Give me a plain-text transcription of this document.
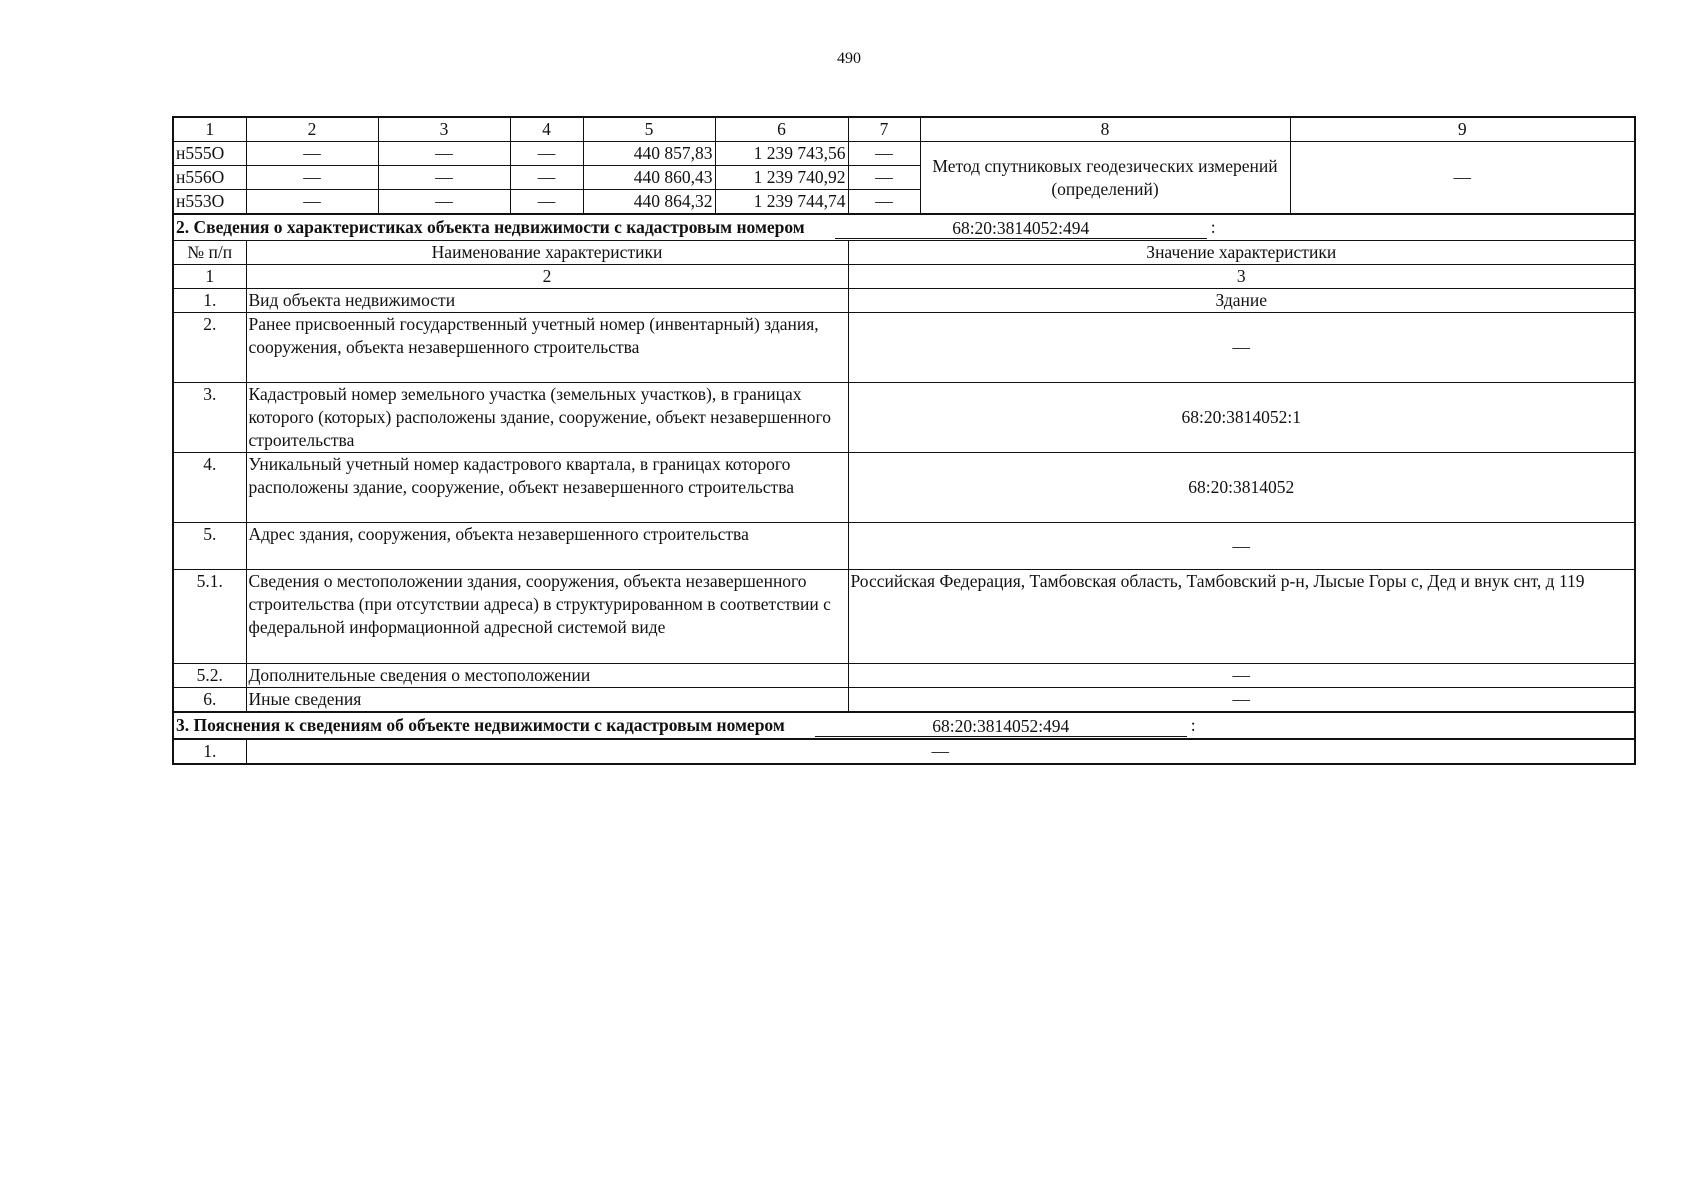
490
1	2	3	4	5	6	7	8	9
н555О	—	—	—	440 857,83	1 239 743,56	—	Метод спутниковых геодезических измерений (определений)	—
н556О	—	—	—	440 860,43	1 239 740,92	—		
н553О	—	—	—	440 864,32	1 239 744,74	—		

2. Сведения о характеристиках объекта недвижимости с кадастровым номером 68:20:3814052:494 :								

№ п/п	Наименование характеристики					Значение характеристики		
1	2					3		
1.	Вид объекта недвижимости					Здание		
2.	Ранее присвоенный государственный учетный номер (инвентарный) здания, сооружения, объекта незавершенного строительства					—		
3.	Кадастровый номер земельного участка (земельных участков), в границах которого (которых) расположены здание, сооружение, объект незавершенного строительства					68:20:3814052:1		
4.	Уникальный учетный номер кадастрового квартала, в границах которого расположены здание, сооружение, объект незавершенного строительства					68:20:3814052		
5.	Адрес здания, сооружения, объекта незавершенного строительства					—		
5.1.	Сведения о местоположении здания, сооружения, объекта незавершенного строительства (при отсутствии адреса) в структурированном в соответствии с федеральной информационной адресной системой виде					Российская Федерация, Тамбовская область, Тамбовский р-н, Лысые Горы с, Дед и внук снт, д 119		
5.2.	Дополнительные сведения о местоположении					—		
6.	Иные сведения					—		

3. Пояснения к сведениям об объекте недвижимости с кадастровым номером 68:20:3814052:494 :								

1.	—							
